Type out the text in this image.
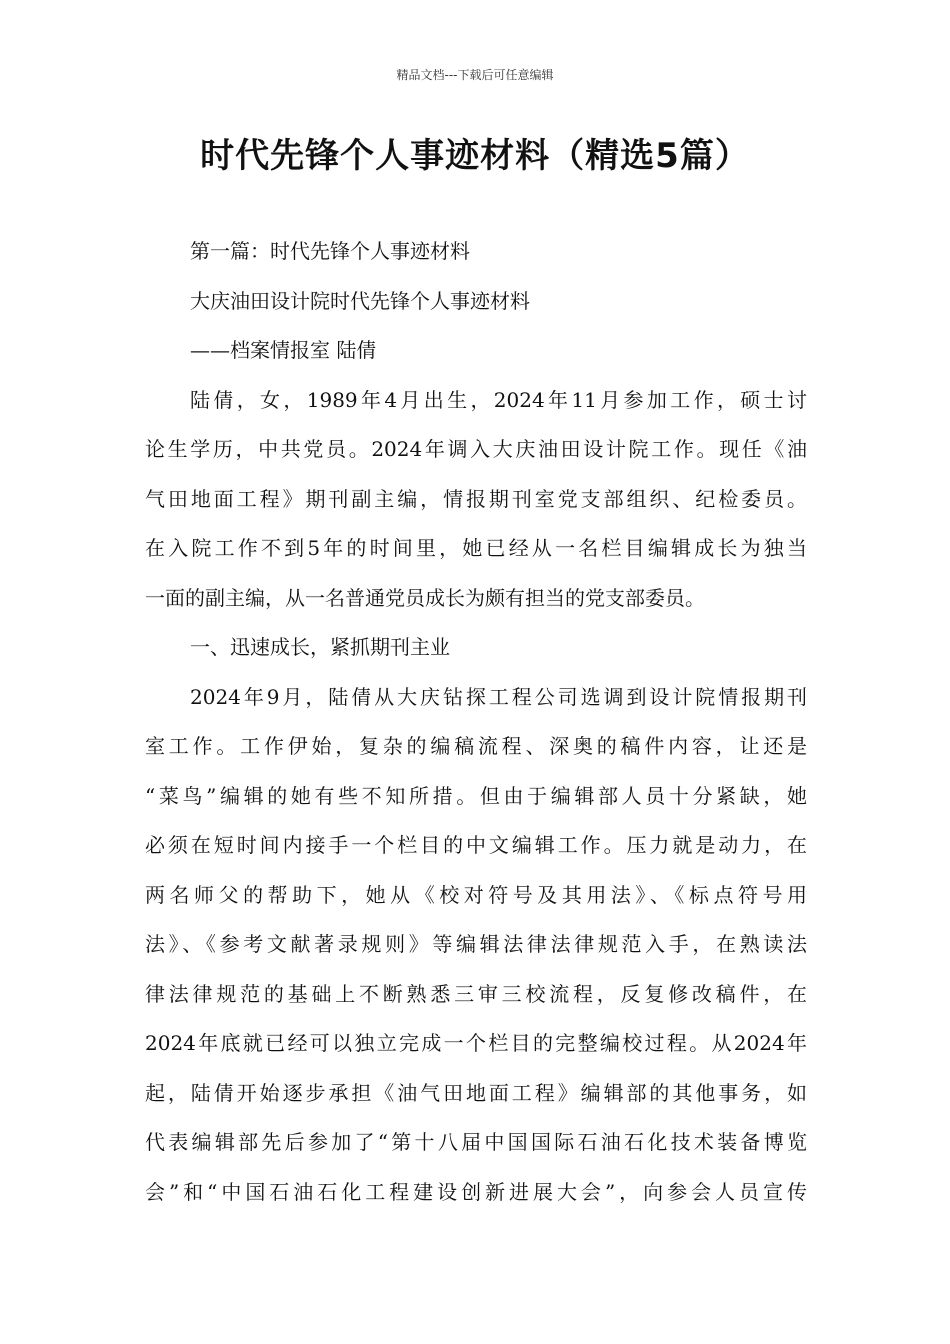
精品文档---下载后可任意编辑
时代先锋个人事迹材料（精选5篇）
第一篇：时代先锋个人事迹材料
大庆油田设计院时代先锋个人事迹材料
——档案情报室 陆倩
陆倩，女，1989年4月出生，2024年11月参加工作，硕士讨
论生学历，中共党员。2024年调入大庆油田设计院工作。现任《油
气田地面工程》期刊副主编，情报期刊室党支部组织、纪检委员。
在入院工作不到5年的时间里，她已经从一名栏目编辑成长为独当
一面的副主编，从一名普通党员成长为颇有担当的党支部委员。
一、迅速成长，紧抓期刊主业
2024年9月，陆倩从大庆钻探工程公司选调到设计院情报期刊
室工作。工作伊始，复杂的编稿流程、深奥的稿件内容，让还是
“菜鸟”编辑的她有些不知所措。但由于编辑部人员十分紧缺，她
必须在短时间内接手一个栏目的中文编辑工作。压力就是动力，在
两名师父的帮助下，她从《校对符号及其用法》、《标点符号用
法》、《参考文献著录规则》等编辑法律法律规范入手，在熟读法
律法律规范的基础上不断熟悉三审三校流程，反复修改稿件，在
2024年底就已经可以独立完成一个栏目的完整编校过程。从2024年
起，陆倩开始逐步承担《油气田地面工程》编辑部的其他事务，如
代表编辑部先后参加了“第十八届中国国际石油石化技术装备博览
会”和“中国石油石化工程建设创新进展大会”，向参会人员宣传
